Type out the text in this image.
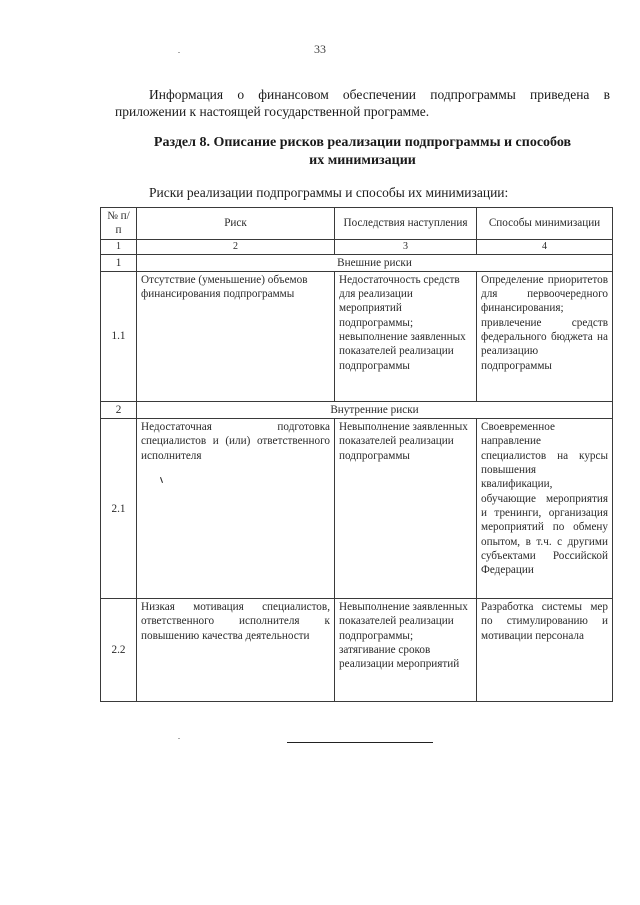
33

Информация о финансовом обеспечении подпрограммы приведена в приложении к настоящей государственной программе.

Раздел 8. Описание рисков реализации подпрограммы и способов
их минимизации

Риски реализации подпрограммы и способы их минимизации:

№ п/п	Риск	Последствия наступления	Способы минимизации
1	2	3	4
1	Внешние риски		
1.1	Отсутствие (уменьшение) объемов финансирования подпрограммы	Недостаточность средств для реализации мероприятий подпрограммы; невыполнение заявленных показателей реализации подпрограммы	Определение приоритетов для первоочередного финансирования; привлечение средств федерального бюджета на реализацию подпрограммы
2	Внутренние риски		
2.1	Недостаточная подготовка специалистов и (или) ответственного исполнителя	Невыполнение заявленных показателей реализации подпрограммы	Своевременное направление специалистов на курсы повышения квалификации, обучающие мероприятия и тренинги, организация мероприятий по обмену опытом, в т.ч. с другими субъектами Российской Федерации
2.2	Низкая мотивация специалистов, ответственного исполнителя к повышению качества деятельности	Невыполнение заявленных показателей реализации подпрограммы; затягивание сроков реализации мероприятий	Разработка системы мер по стимулированию и мотивации персонала
